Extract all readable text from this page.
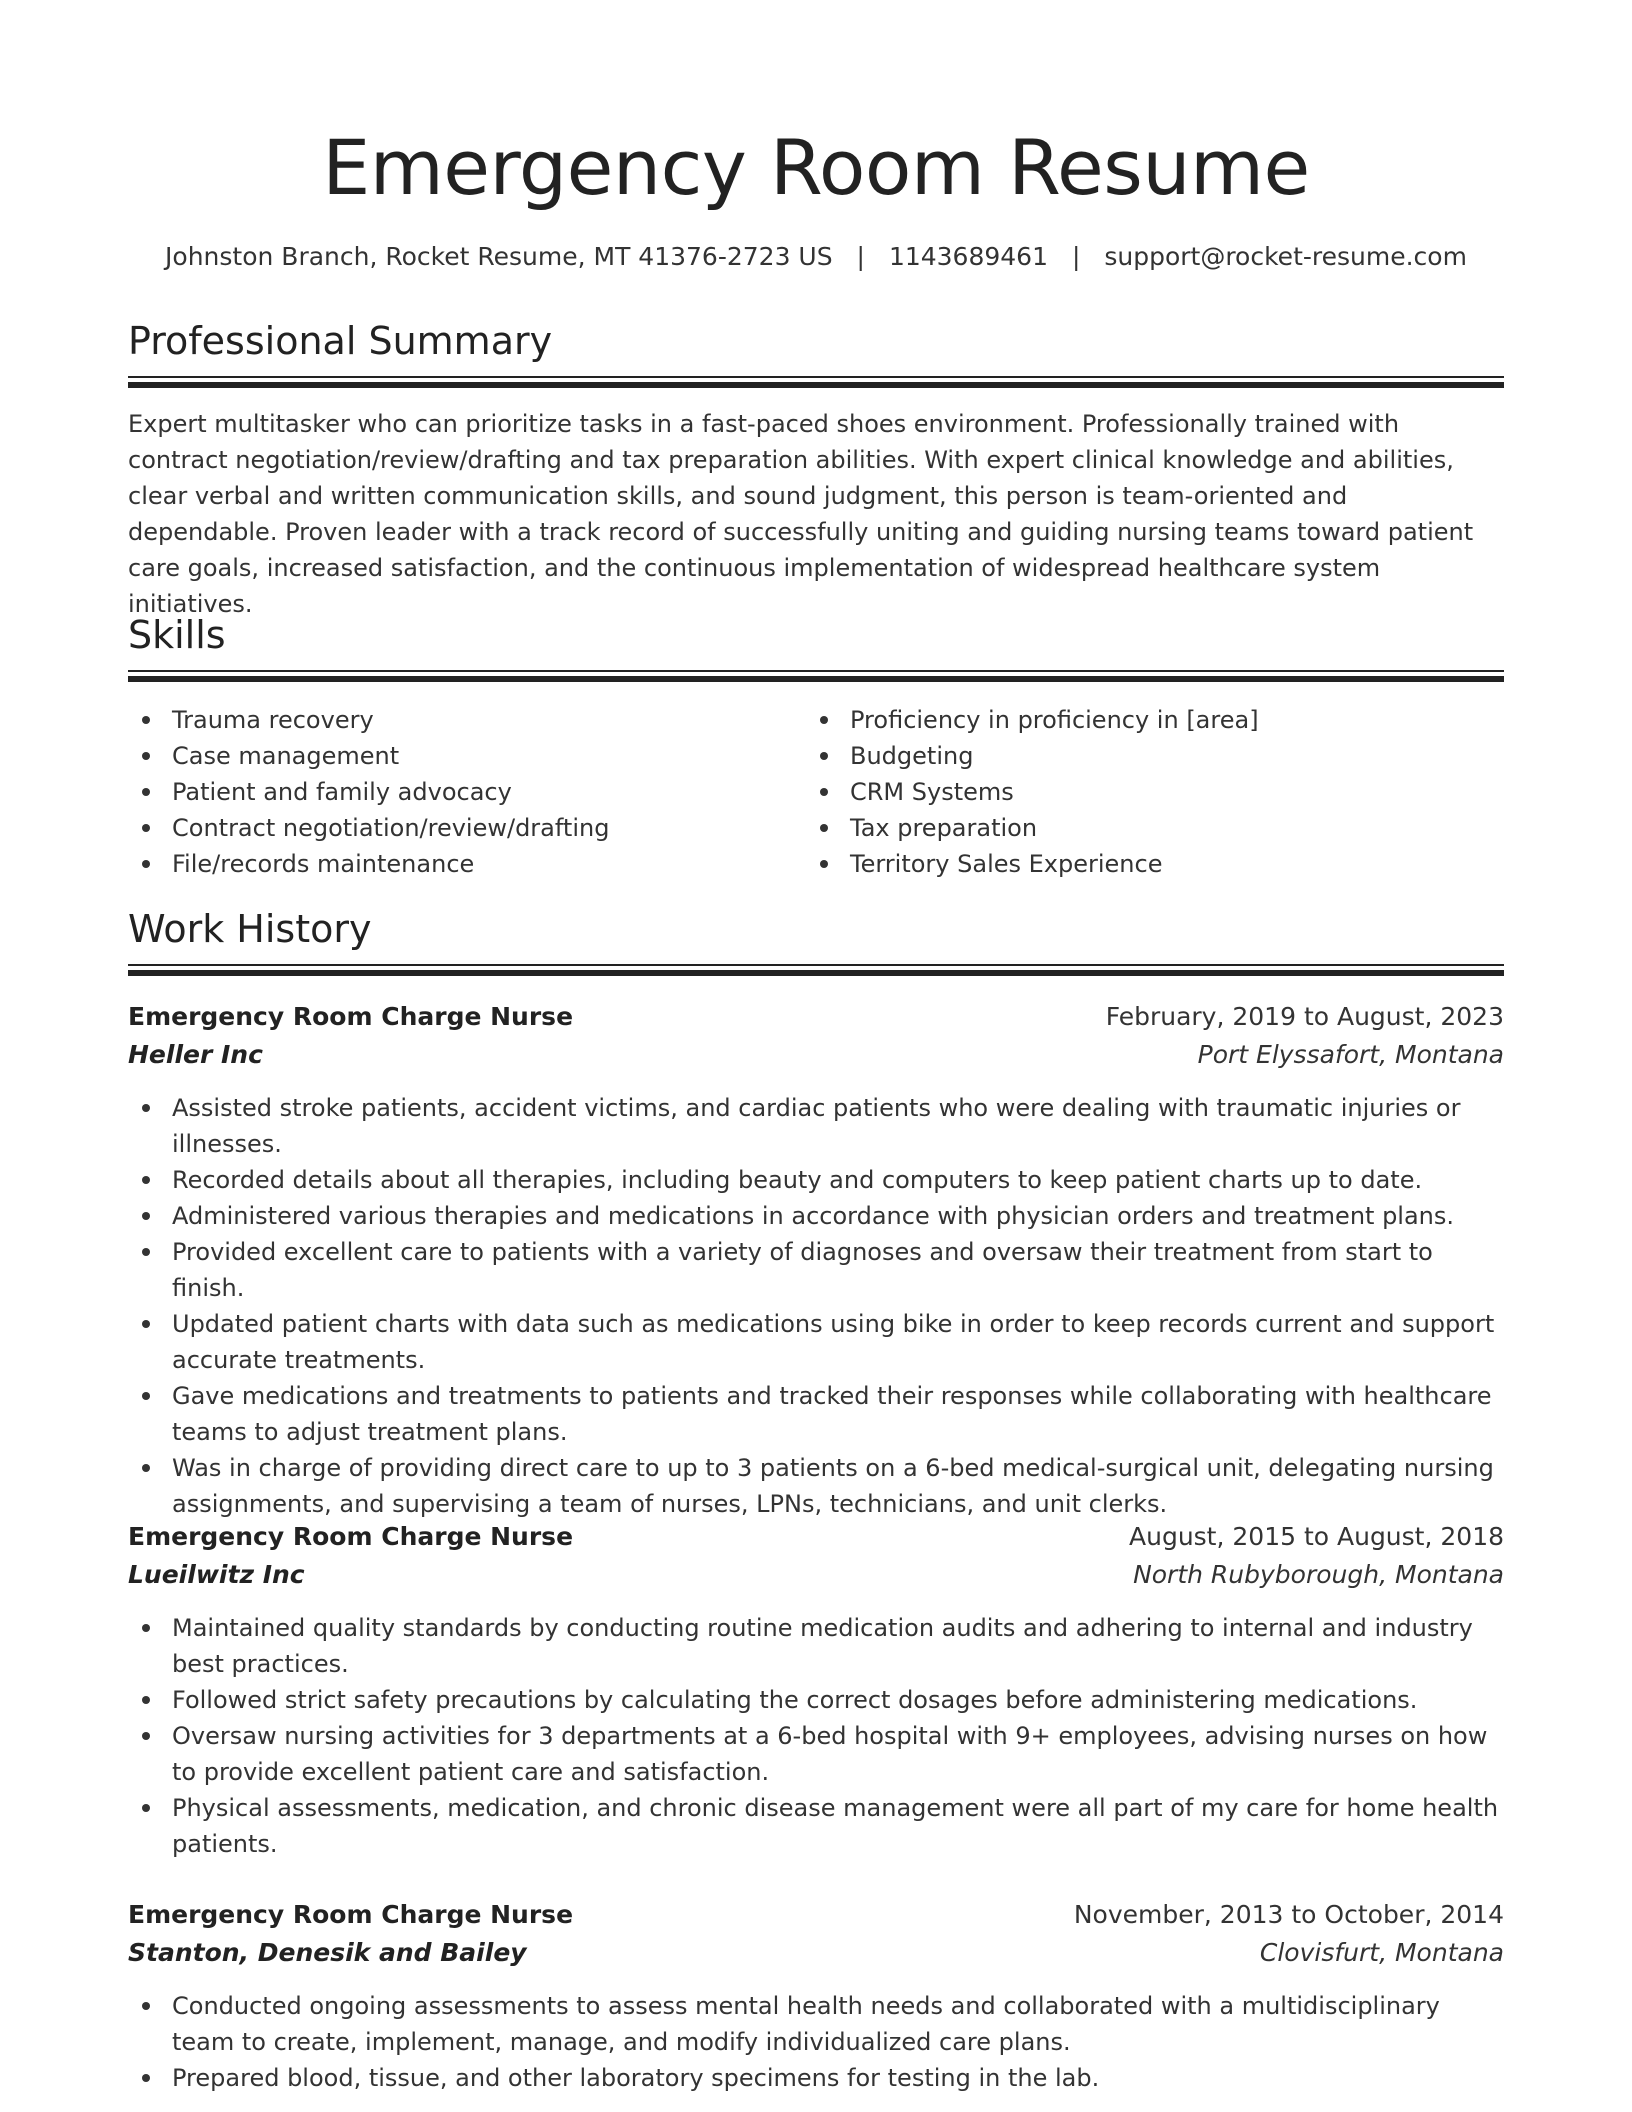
Emergency Room Resume
Johnston Branch, Rocket Resume, MT 41376-2723 US | 1143689461 | support@rocket-resume.com
Professional Summary

Expert multitasker who can prioritize tasks in a fast-paced shoes environment. Professionally trained with contract negotiation/review/drafting and tax preparation abilities. With expert clinical knowledge and abilities, clear verbal and written communication skills, and sound judgment, this person is team-oriented and dependable. Proven leader with a track record of successfully uniting and guiding nursing teams toward patient care goals, increased satisfaction, and the continuous implementation of widespread healthcare system initiatives.

Skills
Trauma recovery
Case management
Patient and family advocacy
Contract negotiation/review/drafting
File/records maintenance
Proficiency in proficiency in [area]
Budgeting
CRM Systems
Tax preparation
Territory Sales Experience
Work History
Emergency Room Charge Nurse	February, 2019 to August, 2023
Heller Inc	Port Elyssafort, Montana
Assisted stroke patients, accident victims, and cardiac patients who were dealing with traumatic injuries or illnesses.
Recorded details about all therapies, including beauty and computers to keep patient charts up to date.
Administered various therapies and medications in accordance with physician orders and treatment plans.
Provided excellent care to patients with a variety of diagnoses and oversaw their treatment from start to finish.
Updated patient charts with data such as medications using bike in order to keep records current and support accurate treatments.
Gave medications and treatments to patients and tracked their responses while collaborating with healthcare teams to adjust treatment plans.
Was in charge of providing direct care to up to 3 patients on a 6-bed medical-surgical unit, delegating nursing assignments, and supervising a team of nurses, LPNs, technicians, and unit clerks.
Emergency Room Charge Nurse	August, 2015 to August, 2018
Lueilwitz Inc	North Rubyborough, Montana
Maintained quality standards by conducting routine medication audits and adhering to internal and industry best practices.
Followed strict safety precautions by calculating the correct dosages before administering medications.
Oversaw nursing activities for 3 departments at a 6-bed hospital with 9+ employees, advising nurses on how to provide excellent patient care and satisfaction.
Physical assessments, medication, and chronic disease management were all part of my care for home health patients.
Emergency Room Charge Nurse	November, 2013 to October, 2014
Stanton, Denesik and Bailey	Clovisfurt, Montana
Conducted ongoing assessments to assess mental health needs and collaborated with a multidisciplinary team to create, implement, manage, and modify individualized care plans.
Prepared blood, tissue, and other laboratory specimens for testing in the lab.
